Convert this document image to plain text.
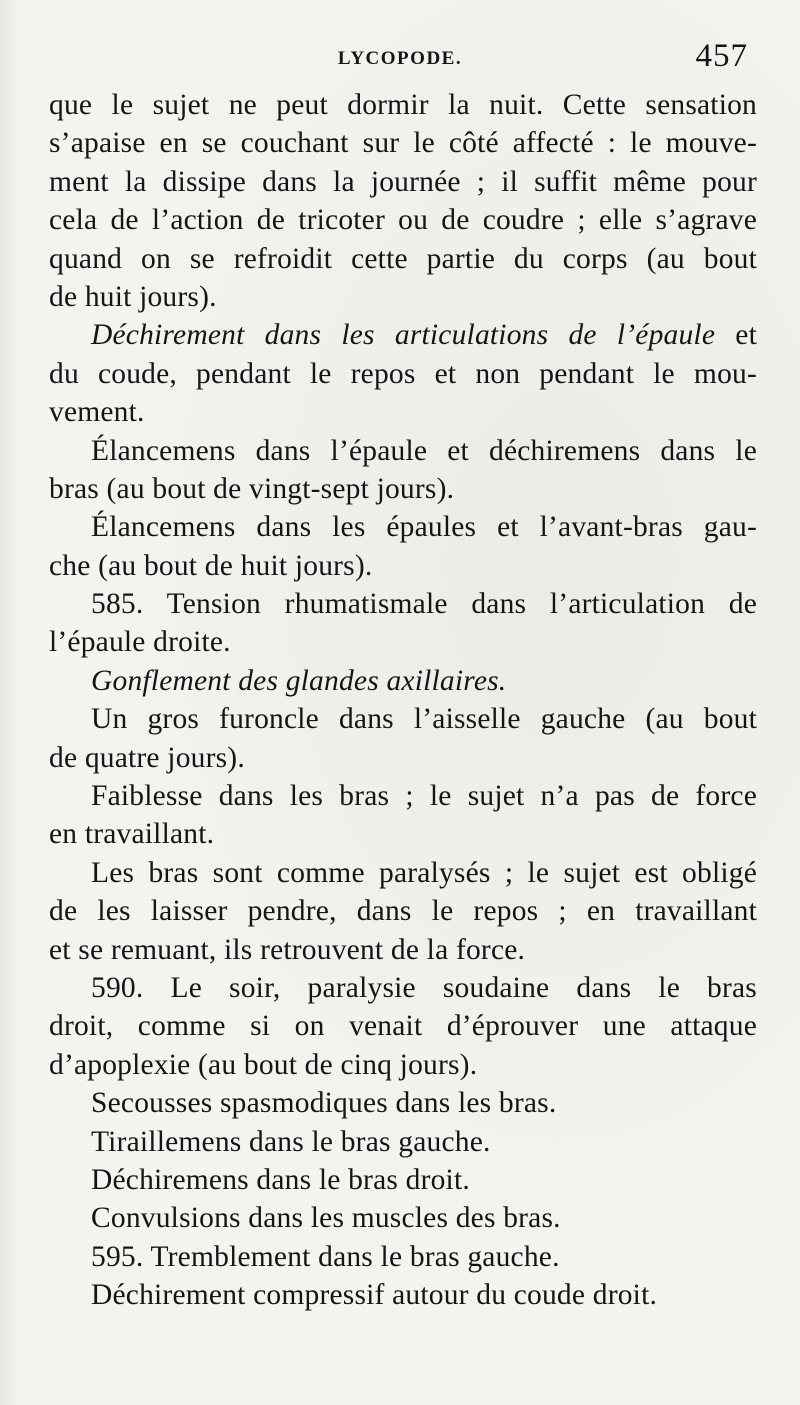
LYCOPODE.	457
que le sujet ne peut dormir la nuit. Cette sensation
s’apaise en se couchant sur le côté affecté : le mouve-
ment la dissipe dans la journée ; il suffit même pour
cela de l’action de tricoter ou de coudre ; elle s’agrave
quand on se refroidit cette partie du corps (au bout
de huit jours).
Déchirement dans les articulations de l’épaule et
du coude, pendant le repos et non pendant le mou-
vement.
Élancemens dans l’épaule et déchiremens dans le
bras (au bout de vingt-sept jours).
Élancemens dans les épaules et l’avant-bras gau-
che (au bout de huit jours).
585. Tension rhumatismale dans l’articulation de
l’épaule droite.
Gonflement des glandes axillaires.
Un gros furoncle dans l’aisselle gauche (au bout
de quatre jours).
Faiblesse dans les bras ; le sujet n’a pas de force
en travaillant.
Les bras sont comme paralysés ; le sujet est obligé
de les laisser pendre, dans le repos ; en travaillant
et se remuant, ils retrouvent de la force.
590. Le soir, paralysie soudaine dans le bras
droit, comme si on venait d’éprouver une attaque
d’apoplexie (au bout de cinq jours).
Secousses spasmodiques dans les bras.
Tiraillemens dans le bras gauche.
Déchiremens dans le bras droit.
Convulsions dans les muscles des bras.
595. Tremblement dans le bras gauche.
Déchirement compressif autour du coude droit.
